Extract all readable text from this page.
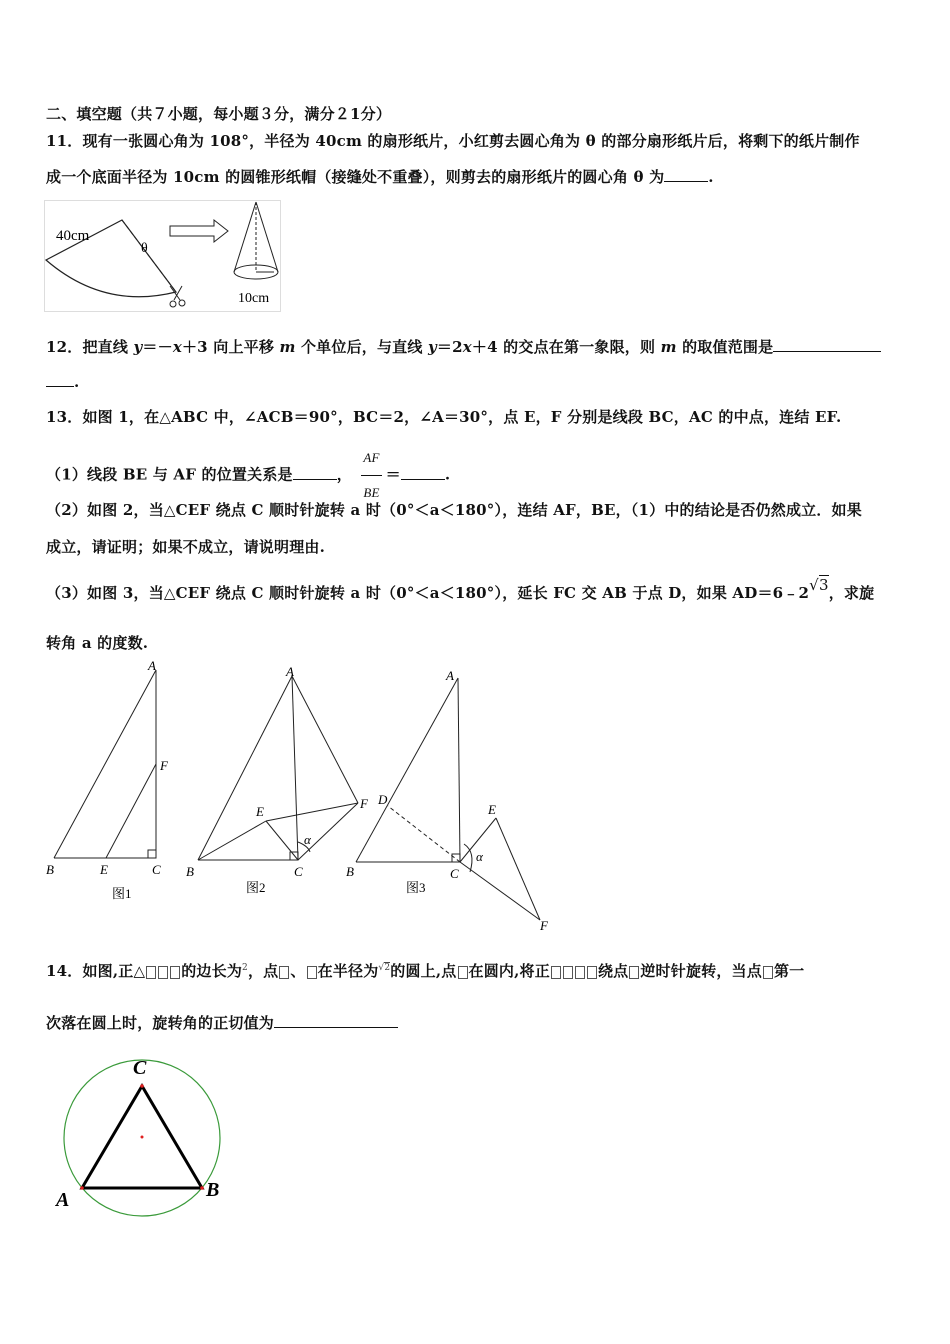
二、填空题（共７小题，每小题３分，满分２1分）
11．现有一张圆心角为 108°，半径为 40cm 的扇形纸片，小红剪去圆心角为 θ 的部分扇形纸片后，将剩下的纸片制作
成一个底面半径为 10cm 的圆锥形纸帽（接缝处不重叠），则剪去的扇形纸片的圆心角 θ 为	.
40cm
θ
10cm
12．把直线 y＝－x＋3 向上平移 m 个单位后，与直线 y＝2x＋4 的交点在第一象限，则 m 的取值范围是
.
13．如图 1，在△ABC 中，∠ACB＝90°，BC＝2，∠A＝30°，点 E，F 分别是线段 BC，AC 的中点，连结 EF.
（1）线段 BE 与 AF 的位置关系是	， $\frac{AF}{BE}$ ＝	.
（2）如图 2，当△CEF 绕点 C 顺时针旋转 a 时（0°＜a＜180°），连结 AF，BE，（1）中的结论是否仍然成立．如果
成立，请证明；如果不成立，请说明理由.
（3）如图 3，当△CEF 绕点 C 顺时针旋转 a 时（0°＜a＜180°），延长 FC 交 AB 于点 D，如果 AD＝6﹣2√3，求旋
转角 a 的度数.
A
F
B	E	C
图1
A
E
F
α
B	C
图2
A
D
E
α
B	C
F
图3
14．如图,正△ 的边长为$^2$，点 、 在半径为$^{√2}$的圆上,点 在圆内,将正	绕点 逆时针旋转，当点 第一
次落在圆上时，旋转角的正切值为
C
A	B
